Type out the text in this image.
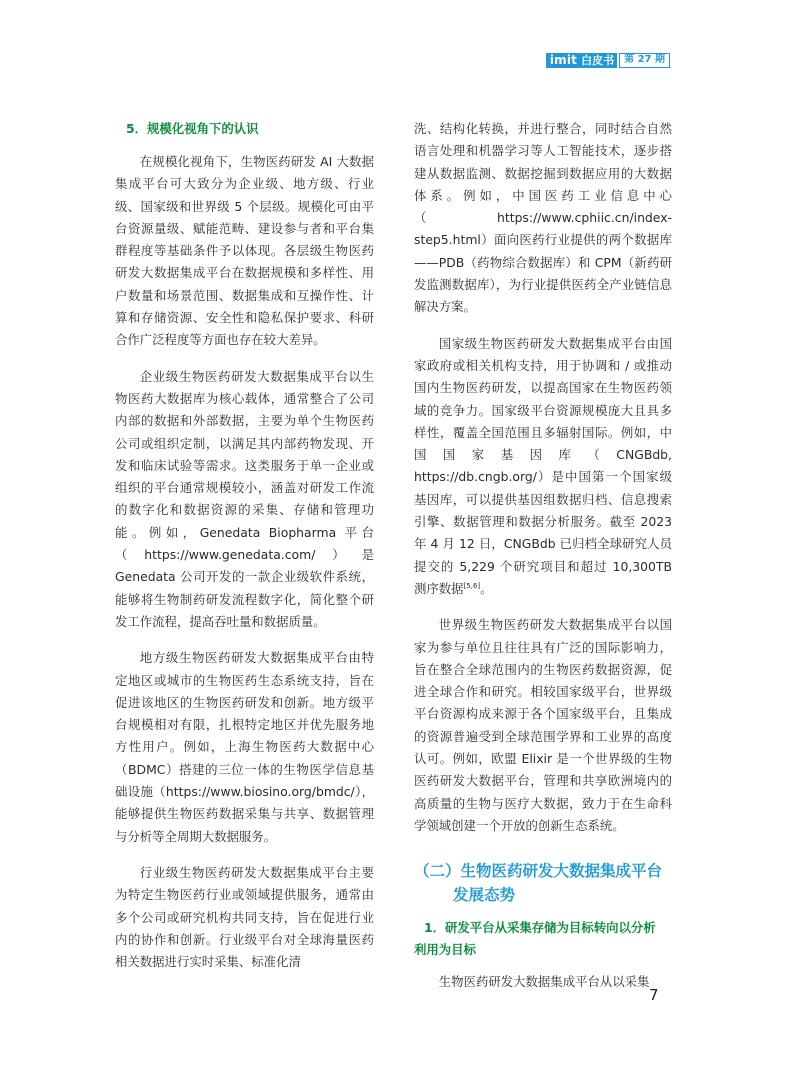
imit 白皮书	第 27 期
5．规模化视角下的认识

在规模化视角下，生物医药研发 AI 大数据集成平台可大致分为企业级、地方级、行业级、国家级和世界级 5 个层级。规模化可由平台资源量级、赋能范畴、建设参与者和平台集群程度等基础条件予以体现。各层级生物医药研发大数据集成平台在数据规模和多样性、用户数量和场景范围、数据集成和互操作性、计算和存储资源、安全性和隐私保护要求、科研合作广泛程度等方面也存在较大差异。

企业级生物医药研发大数据集成平台以生物医药大数据库为核心载体，通常整合了公司内部的数据和外部数据，主要为单个生物医药公司或组织定制，以满足其内部药物发现、开发和临床试验等需求。这类服务于单一企业或组织的平台通常规模较小，涵盖对研发工作流的数字化和数据资源的采集、存储和管理功能。例如，Genedata Biopharma 平台（https://www.genedata.com/）是 Genedata 公司开发的一款企业级软件系统，能够将生物制药研发流程数字化，简化整个研发工作流程，提高吞吐量和数据质量。

地方级生物医药研发大数据集成平台由特定地区或城市的生物医药生态系统支持，旨在促进该地区的生物医药研发和创新。地方级平台规模相对有限，扎根特定地区并优先服务地方性用户。例如，上海生物医药大数据中心（BDMC）搭建的三位一体的生物医学信息基础设施（https://www.biosino.org/bmdc/），能够提供生物医药数据采集与共享、数据管理与分析等全周期大数据服务。

行业级生物医药研发大数据集成平台主要为特定生物医药行业或领域提供服务，通常由多个公司或研究机构共同支持，旨在促进行业内的协作和创新。行业级平台对全球海量医药相关数据进行实时采集、标准化清

洗、结构化转换，并进行整合，同时结合自然语言处理和机器学习等人工智能技术，逐步搭建从数据监测、数据挖掘到数据应用的大数据体系。例如，中国医药工业信息中心（https://www.cphiic.cn/index-step5.html）面向医药行业提供的两个数据库——PDB（药物综合数据库）和 CPM（新药研发监测数据库），为行业提供医药全产业链信息解决方案。

国家级生物医药研发大数据集成平台由国家政府或相关机构支持，用于协调和 / 或推动国内生物医药研发，以提高国家在生物医药领域的竞争力。国家级平台资源规模庞大且具多样性，覆盖全国范围且多辐射国际。例如，中国国家基因库（CNGBdb, https://db.cngb.org/）是中国第一个国家级基因库，可以提供基因组数据归档、信息搜索引擎、数据管理和数据分析服务。截至 2023 年 4 月 12 日，CNGBdb 已归档全球研究人员提交的 5,229 个研究项目和超过 10,300TB 测序数据[5,6]。

世界级生物医药研发大数据集成平台以国家为参与单位且往往具有广泛的国际影响力，旨在整合全球范围内的生物医药数据资源，促进全球合作和研究。相较国家级平台，世界级平台资源构成来源于各个国家级平台，且集成的资源普遍受到全球范围学界和工业界的高度认可。例如，欧盟 Elixir 是一个世界级的生物医药研发大数据平台，管理和共享欧洲境内的高质量的生物与医疗大数据，致力于在生命科学领域创建一个开放的创新生态系统。

（二）生物医药研发大数据集成平台
发展态势
1．研发平台从采集存储为目标转向以分析
利用为目标

生物医药研发大数据集成平台从以采集

7
